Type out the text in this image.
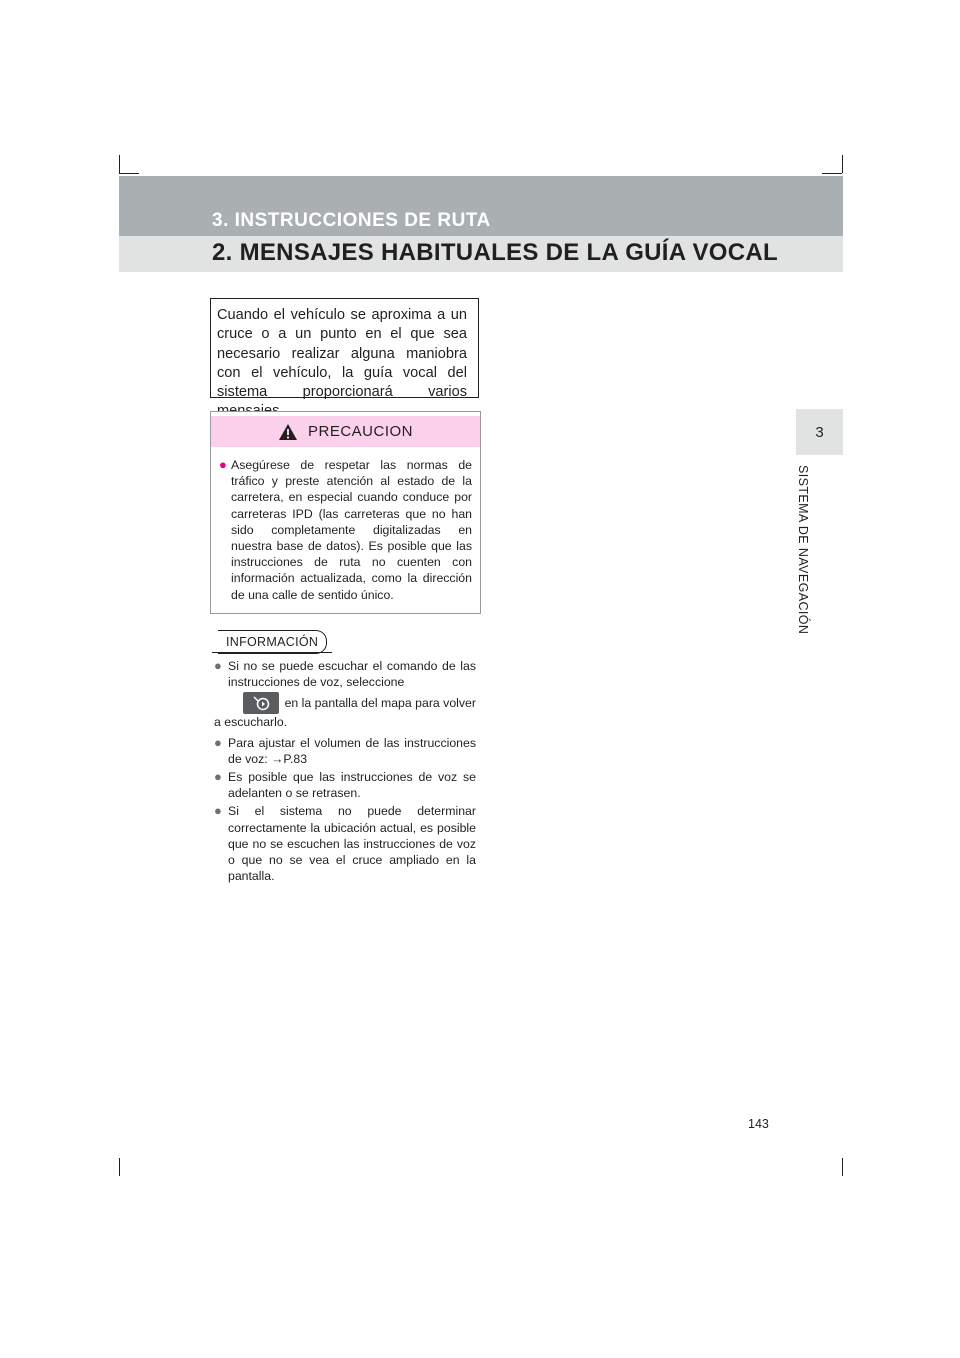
3. INSTRUCCIONES DE RUTA
2. MENSAJES HABITUALES DE LA GUÍA VOCAL
3
SISTEMA DE NAVEGACIÓN
Cuando el vehículo se aproxima a un cruce o a un punto en el que sea necesario realizar alguna maniobra con el vehículo, la guía vocal del sistema proporcionará varios
PRECAUCION
● Asegúrese de respetar las normas de tráfico y preste atención al estado de la carretera, en especial cuando conduce por carreteras IPD (las carreteras que no han sido completamente digitalizadas en nuestra base de datos). Es posible que las instrucciones de ruta no cuenten con información actualizada, como la dirección de una calle de sentido único.
INFORMACIÓN
● Si no se puede escuchar el comando de las instrucciones de voz, seleccione
en la pantalla del mapa para volver
a escucharlo.
● Para ajustar el volumen de las instrucciones de voz: →P.83
● Es posible que las instrucciones de voz se adelanten o se retrasen.
● Si el sistema no puede determinar correctamente la ubicación actual, es posible que no se escuchen las instrucciones de voz o que no se vea el cruce ampliado en la pantalla.
143
